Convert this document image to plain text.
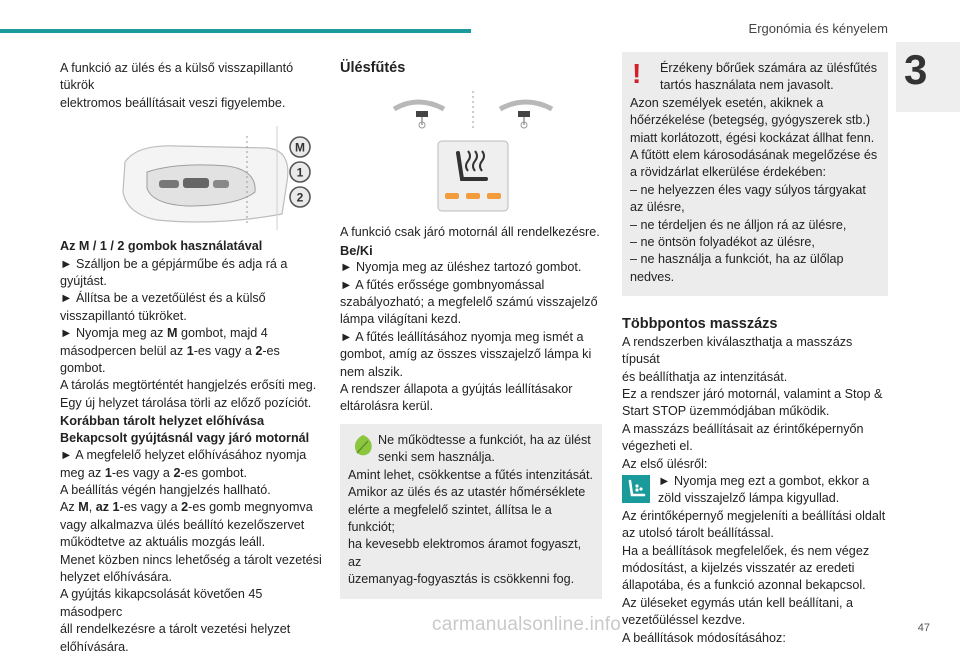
Ergonómia és kényelem
3

A funkció az ülés és a külső visszapillantó tükrök

elektromos beállításait veszi figyelembe.

M
1
2

Az M / 1 / 2 gombok használatával

► Szálljon be a gépjárműbe és adja rá a

gyújtást.

► Állítsa be a vezetőülést és a külső

visszapillantó tükröket.

► Nyomja meg az M gombot, majd 4

másodpercen belül az 1-es vagy a 2-es gombot.

A tárolás megtörténtét hangjelzés erősíti meg.

Egy új helyzet tárolása törli az előző pozíciót.

Korábban tárolt helyzet előhívása

Bekapcsolt gyújtásnál vagy járó motornál

► A megfelelő helyzet előhívásához nyomja

meg az 1-es vagy a 2-es gombot.

A beállítás végén hangjelzés hallható.

Az M, az 1-es vagy a 2-es gomb megnyomva

vagy alkalmazva ülés beállító kezelőszervet

működtetve az aktuális mozgás leáll.

Menet közben nincs lehetőség a tárolt vezetési

helyzet előhívására.

A gyújtás kikapcsolását követően 45 másodperc

áll rendelkezésre a tárolt vezetési helyzet

előhívására.

Ülésfűtés

A funkció csak járó motornál áll rendelkezésre.

Be/Ki

► Nyomja meg az üléshez tartozó gombot.

► A fűtés erőssége gombnyomással

szabályozható; a megfelelő számú visszajelző

lámpa világítani kezd.

► A fűtés leállításához nyomja meg ismét a

gombot, amíg az összes visszajelző lámpa ki

nem alszik.

A rendszer állapota a gyújtás leállításakor

eltárolásra kerül.

Ne működtesse a funkciót, ha az ülést

senki sem használja.

Amint lehet, csökkentse a fűtés intenzitását.

Amikor az ülés és az utastér hőmérséklete

elérte a megfelelő szintet, állítsa le a funkciót;

ha kevesebb elektromos áramot fogyaszt, az

üzemanyag-fogyasztás is csökkenni fog.

!	Érzékeny bőrűek számára az ülésfűtés

tartós használata nem javasolt.

Azon személyek esetén, akiknek a

hőérzékelése (betegség, gyógyszerek stb.)

miatt korlátozott, égési kockázat állhat fenn.

A fűtött elem károsodásának megelőzése és

a rövidzárlat elkerülése érdekében:

– ne helyezzen éles vagy súlyos tárgyakat

az ülésre,

– ne térdeljen és ne álljon rá az ülésre,

– ne öntsön folyadékot az ülésre,

– ne használja a funkciót, ha az ülőlap

nedves.

Többpontos masszázs

A rendszerben kiválaszthatja a masszázs típusát

és beállíthatja az intenzitását.

Ez a rendszer járó motornál, valamint a Stop &

Start STOP üzemmódjában működik.

A masszázs beállításait az érintőképernyőn

végezheti el.

Az első ülésről:

► Nyomja meg ezt a gombot, ekkor a

zöld visszajelző lámpa kigyullad.

Az érintőképernyő megjeleníti a beállítási oldalt

az utolsó tárolt beállítással.

Ha a beállítások megfelelőek, és nem végez

módosítást, a kijelzés visszatér az eredeti

állapotába, és a funkció azonnal bekapcsol.

Az üléseket egymás után kell beállítani, a

vezetőüléssel kezdve.

A beállítások módosításához:

carmanualsonline.info	47
